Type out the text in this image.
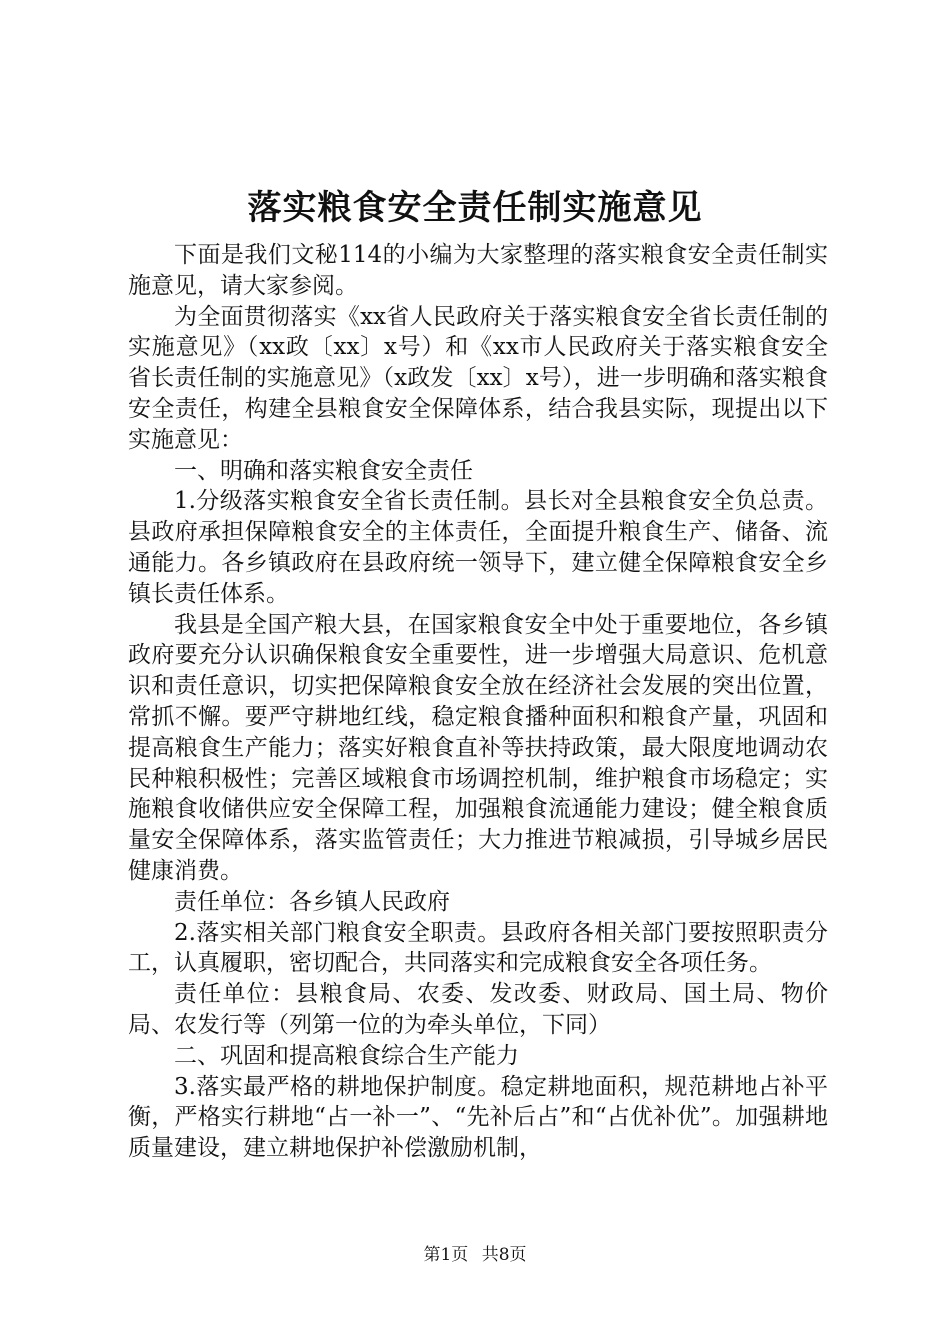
落实粮食安全责任制实施意见

下面是我们文秘114的小编为大家整理的落实粮食安全责任制实施意见，请大家参阅。

为全面贯彻落实《xx省人民政府关于落实粮食安全省长责任制的实施意见》（xx政〔xx〕x号）和《xx市人民政府关于落实粮食安全省长责任制的实施意见》（x政发〔xx〕x号），进一步明确和落实粮食安全责任，构建全县粮食安全保障体系，结合我县实际，现提出以下实施意见：

一、明确和落实粮食安全责任

1.分级落实粮食安全省长责任制。县长对全县粮食安全负总责。县政府承担保障粮食安全的主体责任，全面提升粮食生产、储备、流通能力。各乡镇政府在县政府统一领导下，建立健全保障粮食安全乡镇长责任体系。

我县是全国产粮大县，在国家粮食安全中处于重要地位，各乡镇政府要充分认识确保粮食安全重要性，进一步增强大局意识、危机意识和责任意识，切实把保障粮食安全放在经济社会发展的突出位置，常抓不懈。要严守耕地红线，稳定粮食播种面积和粮食产量，巩固和提高粮食生产能力；落实好粮食直补等扶持政策，最大限度地调动农民种粮积极性；完善区域粮食市场调控机制，维护粮食市场稳定；实施粮食收储供应安全保障工程，加强粮食流通能力建设；健全粮食质量安全保障体系，落实监管责任；大力推进节粮减损，引导城乡居民健康消费。

责任单位：各乡镇人民政府

2.落实相关部门粮食安全职责。县政府各相关部门要按照职责分工，认真履职，密切配合，共同落实和完成粮食安全各项任务。

责任单位：县粮食局、农委、发改委、财政局、国土局、物价局、农发行等（列第一位的为牵头单位，下同）

二、巩固和提高粮食综合生产能力

3.落实最严格的耕地保护制度。稳定耕地面积，规范耕地占补平衡，严格实行耕地“占一补一”、“先补后占”和“占优补优”。加强耕地质量建设，建立耕地保护补偿激励机制，

第1页 共8页
